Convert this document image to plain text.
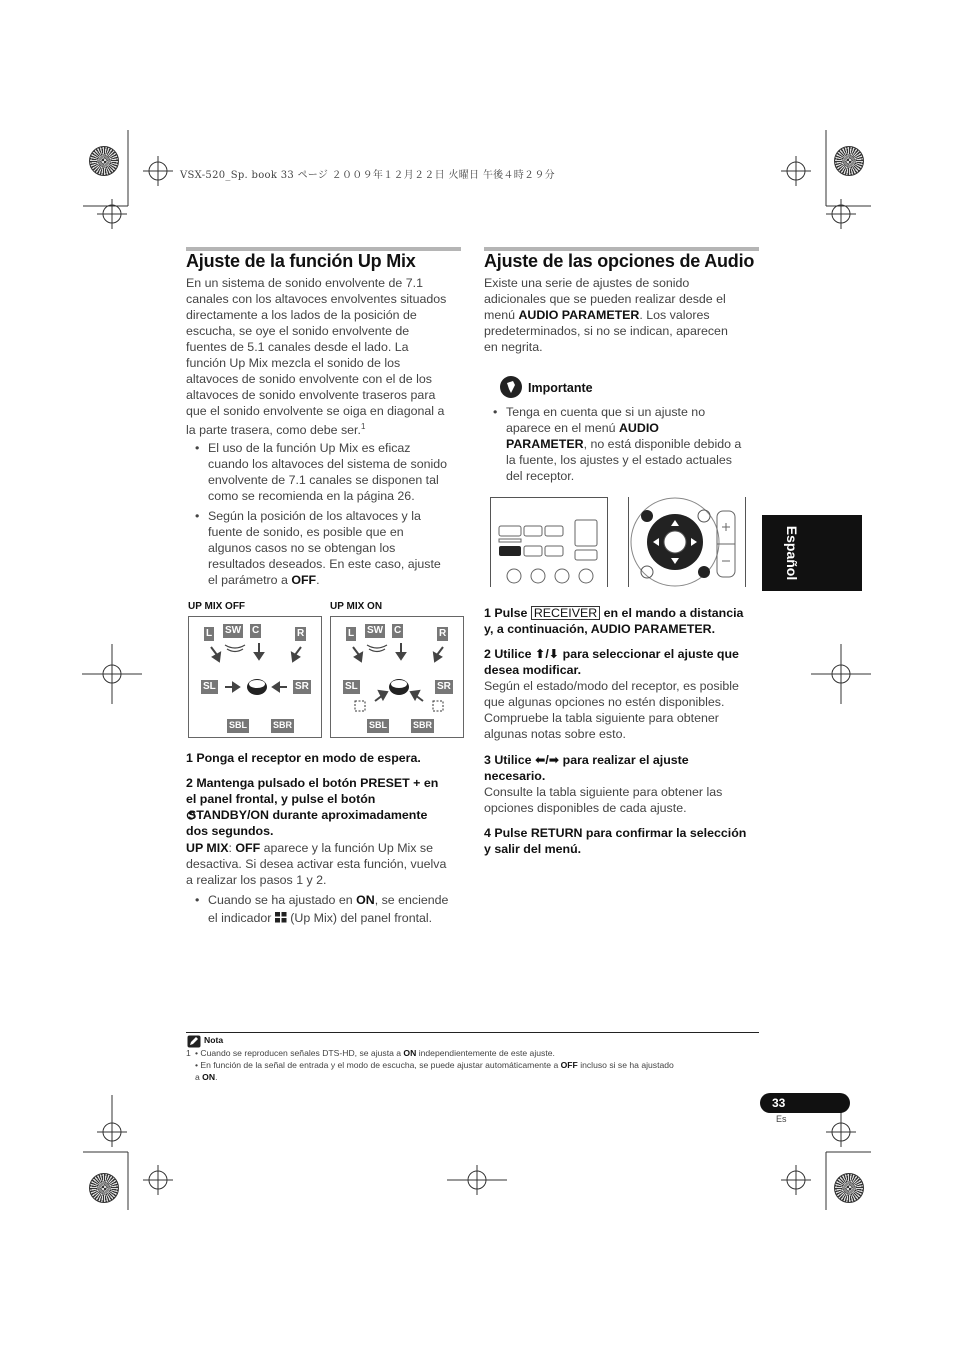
VSX-520_Sp. book 33 ページ ２００９年１２月２２日 火曜日 午後４時２９分
Ajuste de la función Up Mix
En un sistema de sonido envolvente de 7.1
canales con los altavoces envolventes situados
directamente a los lados de la posición de
escucha, se oye el sonido envolvente de
fuentes de 5.1 canales desde el lado. La
función Up Mix mezcla el sonido de los
altavoces de sonido envolvente con el de los
altavoces de sonido envolvente traseros para
que el sonido envolvente se oiga en diagonal a
la parte trasera, como debe ser.$^1$
• El uso de la función Up Mix es eficaz
cuando los altavoces del sistema de sonido
envolvente de 7.1 canales se disponen tal
como se recomienda en la página 26.
• Según la posición de los altavoces y la
fuente de sonido, es posible que en
algunos casos no se obtengan los
resultados deseados. En este caso, ajuste
el parámetro a OFF.
UP MIX OFF	UP MIX ON
L SW C	R
SL	SR
SBL	SBR
L SW C	R
SL	SR
SBL	SBR
1 Ponga el receptor en modo de espera.
2 Mantenga pulsado el botón PRESET + en
el panel frontal, y pulse el botón
STANDBY/ON durante aproximadamente
dos segundos.
UP MIX: OFF aparece y la función Up Mix se
desactiva. Si desea activar esta función, vuelva
a realizar los pasos 1 y 2.
• Cuando se ha ajustado en ON, se enciende
el indicador  (Up Mix) del panel frontal.
Ajuste de las opciones de Audio
Existe una serie de ajustes de sonido
adicionales que se pueden realizar desde el
menú AUDIO PARAMETER. Los valores
predeterminados, si no se indican, aparecen
en negrita.
Importante
• Tenga en cuenta que si un ajuste no
aparece en el menú AUDIO
PARAMETER, no está disponible debido a
la fuente, los ajustes y el estado actuales
del receptor.
1 Pulse RECEIVER en el mando a distancia
y, a continuación, AUDIO PARAMETER.
2 Utilice ⬆/⬇ para seleccionar el ajuste que
desea modificar.
Según el estado/modo del receptor, es posible
que algunas opciones no estén disponibles.
Compruebe la tabla siguiente para obtener
algunas notas sobre esto.
3 Utilice ⬅/➡ para realizar el ajuste
necesario.
Consulte la tabla siguiente para obtener las
opciones disponibles de cada ajuste.
4 Pulse RETURN para confirmar la selección
y salir del menú.
Español
Nota
1 • Cuando se reproducen señales DTS-HD, se ajusta a ON independientemente de este ajuste.
• En función de la señal de entrada y el modo de escucha, se puede ajustar automáticamente a OFF incluso si se ha ajustado
a ON.
33
Es
